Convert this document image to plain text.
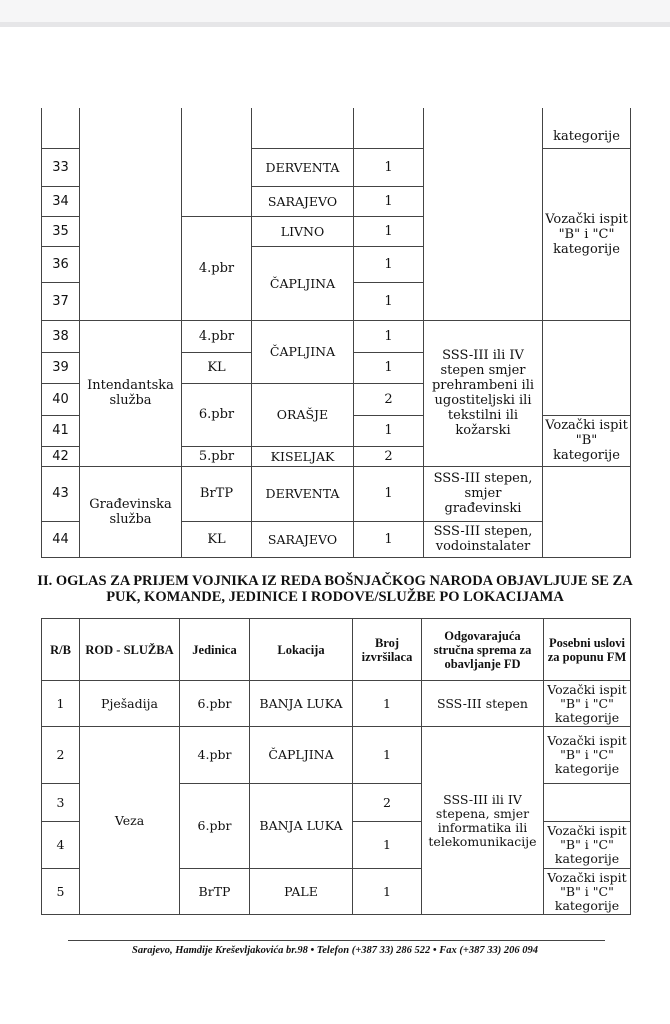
						kategorije
33			DERVENTA	1		Vozački ispit "B" i "C" kategorije
34			SARAJEVO	1		
35		4.pbr	LIVNO	1		
36			ČAPLJINA	1		
37				1		
38	Intendantska služba	4.pbr	ČAPLJINA	1	SSS-III ili IV stepen smjer prehrambeni ili ugostiteljski ili tekstilni ili kožarski	
39		KL		1		
40		6.pbr	ORAŠJE	2		
41				1		Vozački ispit "B" kategorije
42		5.pbr	KISELJAK	2		
43	Građevinska služba	BrTP	DERVENTA	1	SSS-III stepen, smjer građevinski	
44		KL	SARAJEVO	1	SSS-III stepen, vodoinstalater	
II. OGLAS ZA PRIJEM VOJNIKA IZ REDA BOŠNJAČKOG NARODA OBJAVLJUJE SE ZA PUK, KOMANDE, JEDINICE I RODOVE/SLUŽBE PO LOKACIJAMA
R/B	ROD - SLUŽBA	Jedinica	Lokacija	Broj izvršilaca	Odgovarajuća stručna sprema za obavljanje FD	Posebni uslovi za popunu FM
1	Pješadija	6.pbr	BANJA LUKA	1	SSS-III stepen	Vozački ispit "B" i "C" kategorije
2	Veza	4.pbr	ČAPLJINA	1	SSS-III ili IV stepena, smjer informatika ili telekomunikacije	Vozački ispit "B" i "C" kategorije
3		6.pbr	BANJA LUKA	2		
4				1		Vozački ispit "B" i "C" kategorije
5		BrTP	PALE	1		Vozački ispit "B" i "C" kategorije
Sarajevo, Hamdije Kreševljakovića br.98 • Telefon (+387 33) 286 522 • Fax (+387 33) 206 094
